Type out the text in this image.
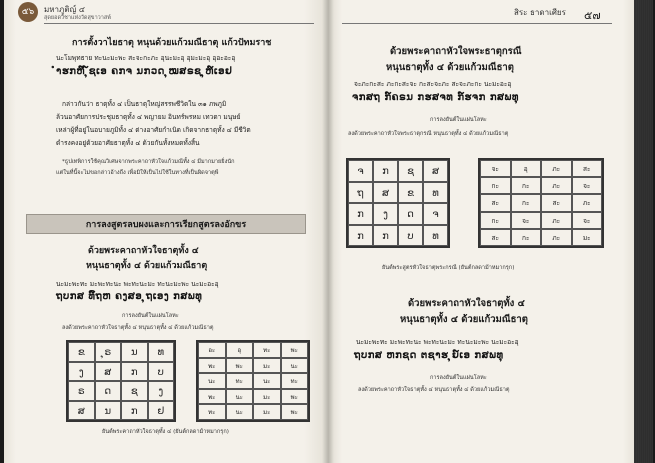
๕๖	มหาภูติญ์ ๔
สุดยอดวิชาแห่งวัดสุขาวาสพ์
การตั้งวาไยธาตุ หนุนด้วยแก้วมณีธาตุ แก้วปัทมราช
นะโมพุทธาย ทะนะมะพะ สะจะกะภะ อุนะมะอุ อุมะมะอุ อุอะอะอุ
ຳຮກຫ໌ ຸ໌ຊເອ ຄກຈ ນກວດ ຸໝສຣຊ ຸຫ໌ເອຢ
กล่าวกันว่า ธาตุทั้ง ๔ เป็นธาตุใหญ่สรรพชีวิตใน ๓๑ ภพภูมิ
ล้วนอาศัยการประชุมธาตุทั้ง ๔ พญายม อินทร์พรหม เทวดา มนุษย์
เหล่าผู้ที่อยู่ในอบายภูมิทั้ง ๔ ต่างอาศัยกำเนิด เกิดจากธาตุทั้ง ๔ มีชีวิต
ดำรงคงอยู่ด้วยอาศัยธาตุทั้ง ๔ ด้วยกันทั้งหมดทั้งสิ้น
*ธูปเทพิการใช้คุณวิเศษจากพระคาถาหัวใจแก้วมณีทั้ง ๔ มีมากมายยิ่งนัก
แต่ในที่นี้จะไม่ขอกล่าวอ้างถึง เพื่อมิให้เป็นไปใช้ในทางที่เป็นผิดจาตุพี
การลงสูตรลบผงและการเรียกสูตรลงอักขร
ด้วยพระคาถาหัวใจธาตุทั้ง ๔
หนุนธาตุทั้ง ๔ ด้วยแก้วมณีธาตุ
นะมะพะทะ มะพะทะนะ พะทะนะมะ ทะนะมะพะ นะมะอะอุ
ຖບກສ ທົ໌ຖຫ ຄງສອ ຸຖເອງ ກສພທຸ
การลงยันต์ในแผ่นโลหะ
ลงด้วยพระคาถาหัวใจธาตุทั้ง ๔ หนุนธาตุทั้ง ๔ ด้วยแก้วมณีธาตุ
ຂ	ຸຣ	ນ	ທ
ງ	ສ	ກ	ບ
ຣ	ດ	ຊ	ງ
ສ	ນ	ກ	ຢ
อะ	อุ	ทะ	พะ
พะ	พะ	มะ	นะ
นะ	ทะ	นะ	ทะ
พะ	นะ	มะ	พะ
ทะ	นะ	มะ	พะ
ยันต์พระคาถาหัวใจธาตุทั้ง ๔ (ยันต์กลดาม้าหมากรุก)
สิระ ธาดาเศียร ๕๗
ด้วยพระคาถาหัวใจพระธาตุกรณี
หนุนธาตุทั้ง ๔ ด้วยแก้วมณีธาตุ
จะภะกะสะ ภะกะสะจะ กะสะจะภะ สะจะภะกะ นะมะอะอุ
ຈກສຖ ກ໌ຄຣນ ກຮສຈທ ກ໌ຮຈກ ກສພທຸ
การลงยันต์ในแผ่นโลหะ
ลงด้วยพระคาถาหัวใจพระธาตุกรณี หนุนธาตุทั้ง ๔ ด้วยแก้วมณีธาตุ
ຈ	ກ	ຊ	ສ
ຖ	ສ	ຂ	ທ
ກ	ງ	ດ	ຈ
ກ	ກ	ບ	ທ
จะ	อุ	ภะ	สะ
กะ	กะ	ภะ	จะ
สะ	กะ	สะ	ภะ
กะ	จะ	ภะ	จะ
สะ	กะ	ภะ	มะ
ยันต์พระสูตรหัวใจธาตุพระกรณี (ยันต์กลดาม้าหมากรุก)
ด้วยพระคาถาหัวใจธาตุทั้ง ๔
หนุนธาตุทั้ง ๔ ด้วยแก้วมณีธาตุ
นะมะพะทะ มะพะทะนะ พะทะนะมะ ทะนะมะพะ นะมะอะอุ
ຖບກສ ຫກຊດ ຕຊາຮ ຸຍ໌ເອ ກສພທຸ
การลงยันต์ในแผ่นโลหะ
ลงด้วยพระคาถาหัวใจธาตุทั้ง ๔ หนุนธาตุทั้ง ๔ ด้วยแก้วมณีธาตุ
